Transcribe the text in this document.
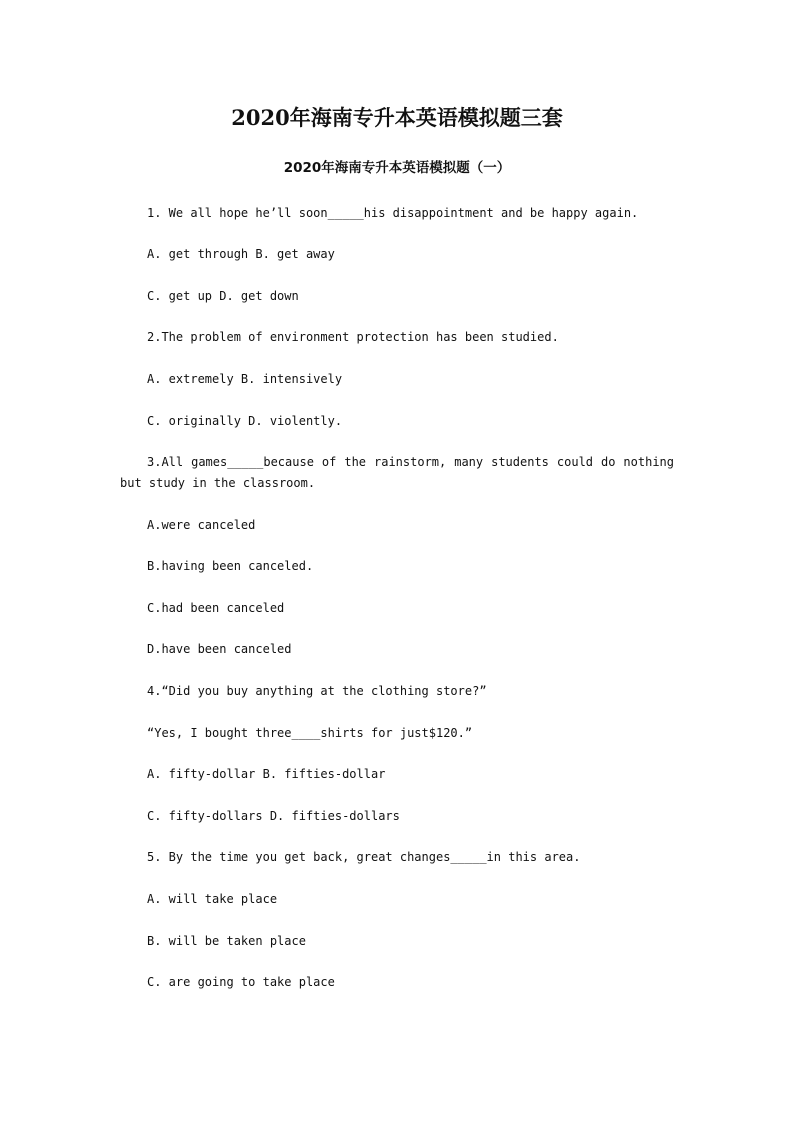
2020年海南专升本英语模拟题三套
2020年海南专升本英语模拟题（一）

1. We all hope he’ll soon_____his disappointment and be happy again.

A. get through B. get away

C. get up D. get down

2.The problem of environment protection has been studied.

A. extremely B. intensively

C. originally D. violently.

3.All games_____because of the rainstorm, many students could do nothing but study in the classroom.

A.were canceled

B.having been canceled.

C.had been canceled

D.have been canceled

4.“Did you buy anything at the clothing store?”

“Yes, I bought three____shirts for just$120.”

A. fifty-dollar B. fifties-dollar

C. fifty-dollars D. fifties-dollars

5. By the time you get back, great changes_____in this area.

A. will take place

B. will be taken place

C. are going to take place
